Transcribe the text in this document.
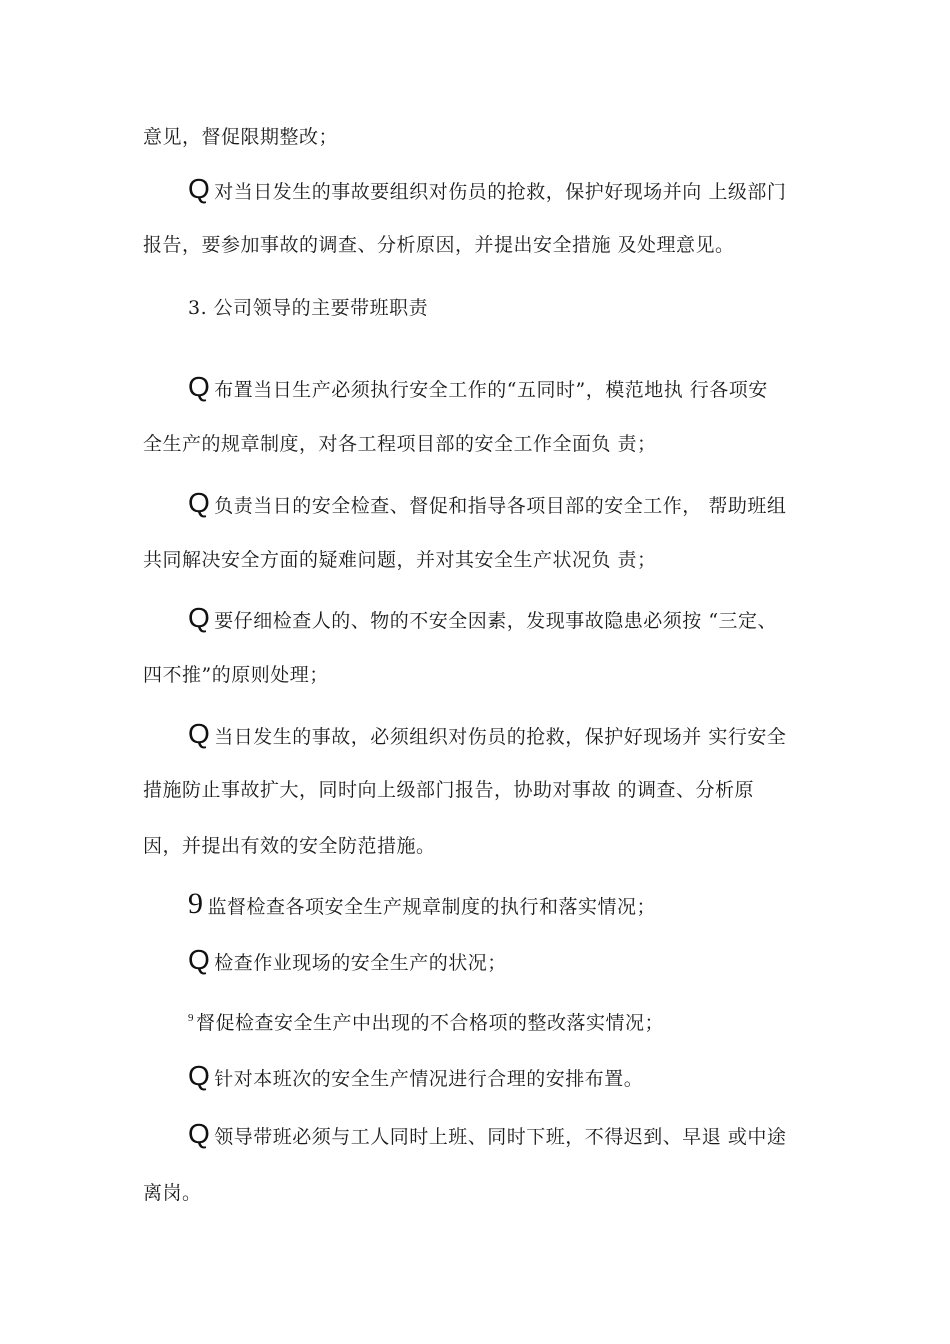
意见，督促限期整改；
Q 对当日发生的事故要组织对伤员的抢救，保护好现场并向 上级部门
报告，要参加事故的调查、分析原因，并提出安全措施 及处理意见。
3. 公司领导的主要带班职责
Q 布置当日生产必须执行安全工作的“五同时”，模范地执 行各项安
全生产的规章制度，对各工程项目部的安全工作全面负 责；
Q 负责当日的安全检查、督促和指导各项目部的安全工作， 帮助班组
共同解决安全方面的疑难问题，并对其安全生产状况负 责；
Q 要仔细检查人的、物的不安全因素，发现事故隐患必须按 “三定、
四不推”的原则处理；
Q 当日发生的事故，必须组织对伤员的抢救，保护好现场并 实行安全
措施防止事故扩大，同时向上级部门报告，协助对事故 的调查、分析原
因，并提出有效的安全防范措施。
9 监督检查各项安全生产规章制度的执行和落实情况；
Q 检查作业现场的安全生产的状况；
$^9$ 督促检查安全生产中出现的不合格项的整改落实情况；
Q 针对本班次的安全生产情况进行合理的安排布置。
Q 领导带班必须与工人同时上班、同时下班，不得迟到、早退 或中途
离岗。
